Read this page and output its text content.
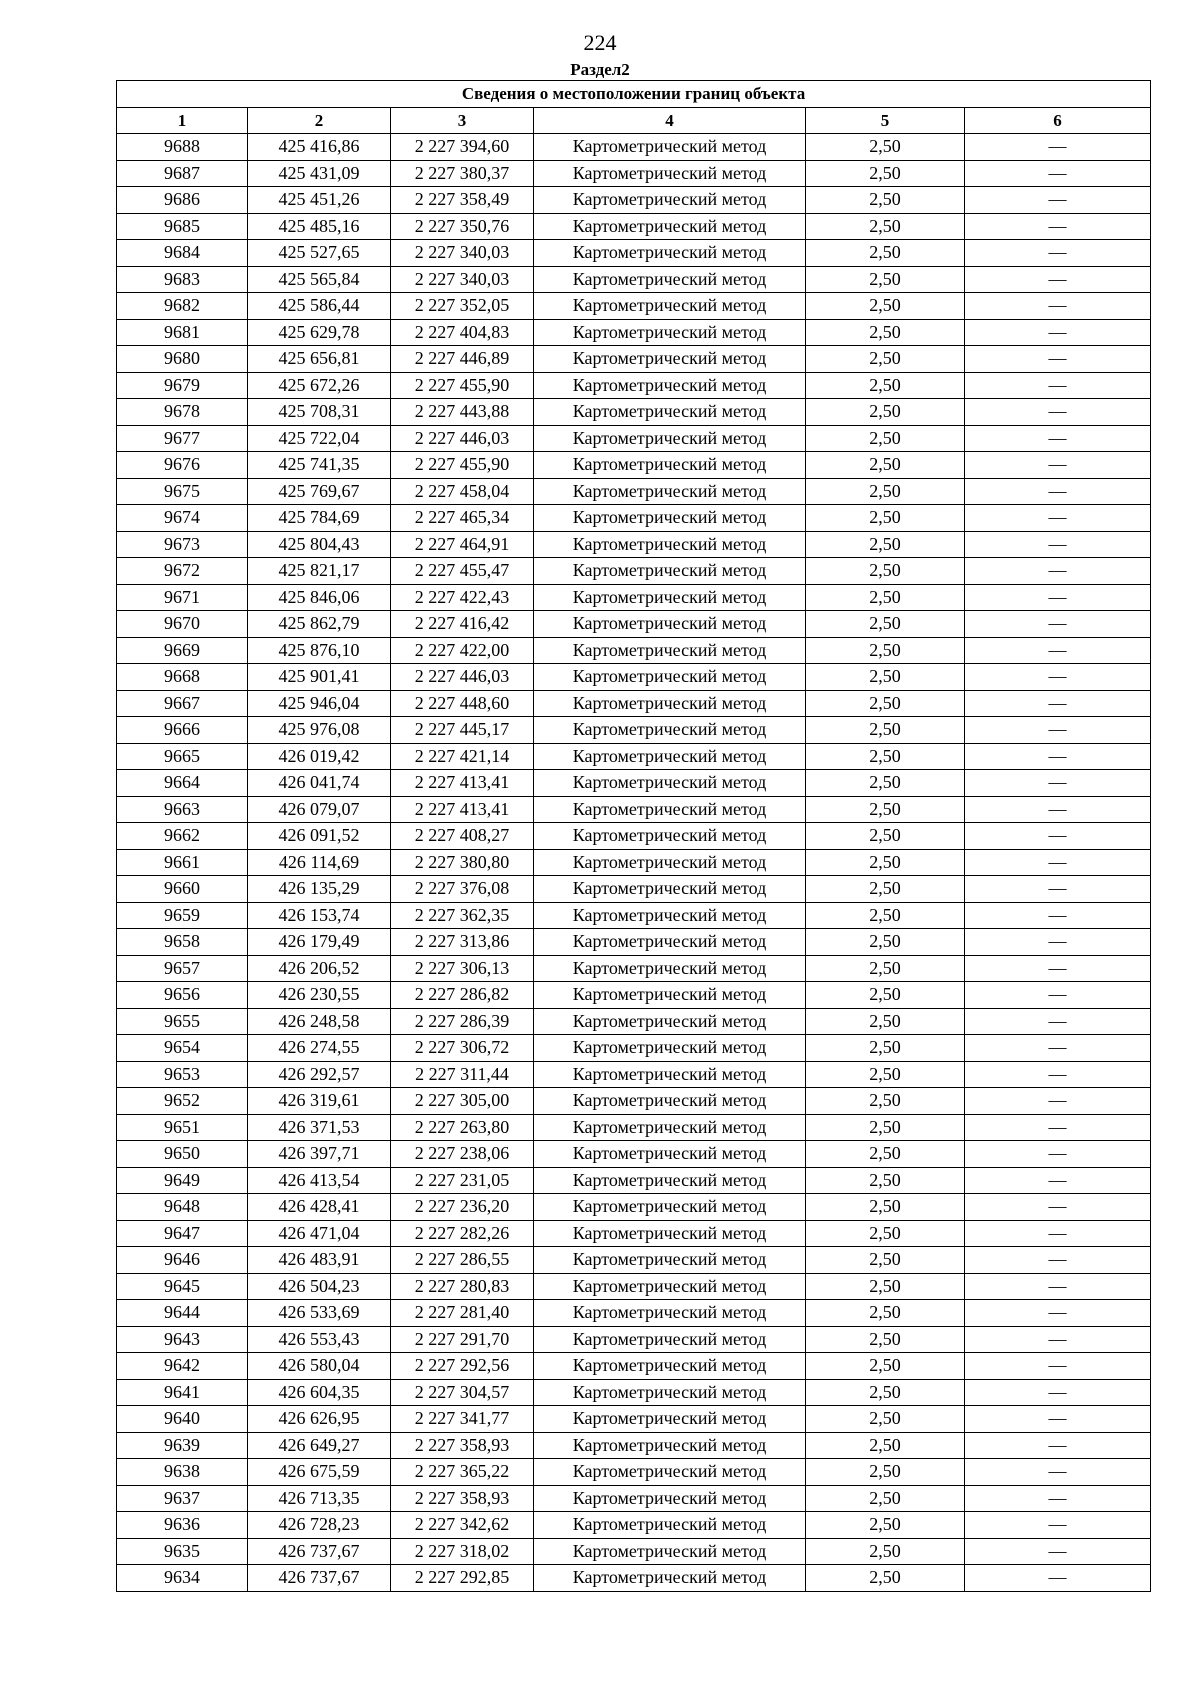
224
Раздел2
Сведения о местоположении границ объекта					
1	2	3	4	5	6
9688	425 416,86	2 227 394,60	Картометрический метод	2,50	—
9687	425 431,09	2 227 380,37	Картометрический метод	2,50	—
9686	425 451,26	2 227 358,49	Картометрический метод	2,50	—
9685	425 485,16	2 227 350,76	Картометрический метод	2,50	—
9684	425 527,65	2 227 340,03	Картометрический метод	2,50	—
9683	425 565,84	2 227 340,03	Картометрический метод	2,50	—
9682	425 586,44	2 227 352,05	Картометрический метод	2,50	—
9681	425 629,78	2 227 404,83	Картометрический метод	2,50	—
9680	425 656,81	2 227 446,89	Картометрический метод	2,50	—
9679	425 672,26	2 227 455,90	Картометрический метод	2,50	—
9678	425 708,31	2 227 443,88	Картометрический метод	2,50	—
9677	425 722,04	2 227 446,03	Картометрический метод	2,50	—
9676	425 741,35	2 227 455,90	Картометрический метод	2,50	—
9675	425 769,67	2 227 458,04	Картометрический метод	2,50	—
9674	425 784,69	2 227 465,34	Картометрический метод	2,50	—
9673	425 804,43	2 227 464,91	Картометрический метод	2,50	—
9672	425 821,17	2 227 455,47	Картометрический метод	2,50	—
9671	425 846,06	2 227 422,43	Картометрический метод	2,50	—
9670	425 862,79	2 227 416,42	Картометрический метод	2,50	—
9669	425 876,10	2 227 422,00	Картометрический метод	2,50	—
9668	425 901,41	2 227 446,03	Картометрический метод	2,50	—
9667	425 946,04	2 227 448,60	Картометрический метод	2,50	—
9666	425 976,08	2 227 445,17	Картометрический метод	2,50	—
9665	426 019,42	2 227 421,14	Картометрический метод	2,50	—
9664	426 041,74	2 227 413,41	Картометрический метод	2,50	—
9663	426 079,07	2 227 413,41	Картометрический метод	2,50	—
9662	426 091,52	2 227 408,27	Картометрический метод	2,50	—
9661	426 114,69	2 227 380,80	Картометрический метод	2,50	—
9660	426 135,29	2 227 376,08	Картометрический метод	2,50	—
9659	426 153,74	2 227 362,35	Картометрический метод	2,50	—
9658	426 179,49	2 227 313,86	Картометрический метод	2,50	—
9657	426 206,52	2 227 306,13	Картометрический метод	2,50	—
9656	426 230,55	2 227 286,82	Картометрический метод	2,50	—
9655	426 248,58	2 227 286,39	Картометрический метод	2,50	—
9654	426 274,55	2 227 306,72	Картометрический метод	2,50	—
9653	426 292,57	2 227 311,44	Картометрический метод	2,50	—
9652	426 319,61	2 227 305,00	Картометрический метод	2,50	—
9651	426 371,53	2 227 263,80	Картометрический метод	2,50	—
9650	426 397,71	2 227 238,06	Картометрический метод	2,50	—
9649	426 413,54	2 227 231,05	Картометрический метод	2,50	—
9648	426 428,41	2 227 236,20	Картометрический метод	2,50	—
9647	426 471,04	2 227 282,26	Картометрический метод	2,50	—
9646	426 483,91	2 227 286,55	Картометрический метод	2,50	—
9645	426 504,23	2 227 280,83	Картометрический метод	2,50	—
9644	426 533,69	2 227 281,40	Картометрический метод	2,50	—
9643	426 553,43	2 227 291,70	Картометрический метод	2,50	—
9642	426 580,04	2 227 292,56	Картометрический метод	2,50	—
9641	426 604,35	2 227 304,57	Картометрический метод	2,50	—
9640	426 626,95	2 227 341,77	Картометрический метод	2,50	—
9639	426 649,27	2 227 358,93	Картометрический метод	2,50	—
9638	426 675,59	2 227 365,22	Картометрический метод	2,50	—
9637	426 713,35	2 227 358,93	Картометрический метод	2,50	—
9636	426 728,23	2 227 342,62	Картометрический метод	2,50	—
9635	426 737,67	2 227 318,02	Картометрический метод	2,50	—
9634	426 737,67	2 227 292,85	Картометрический метод	2,50	—
